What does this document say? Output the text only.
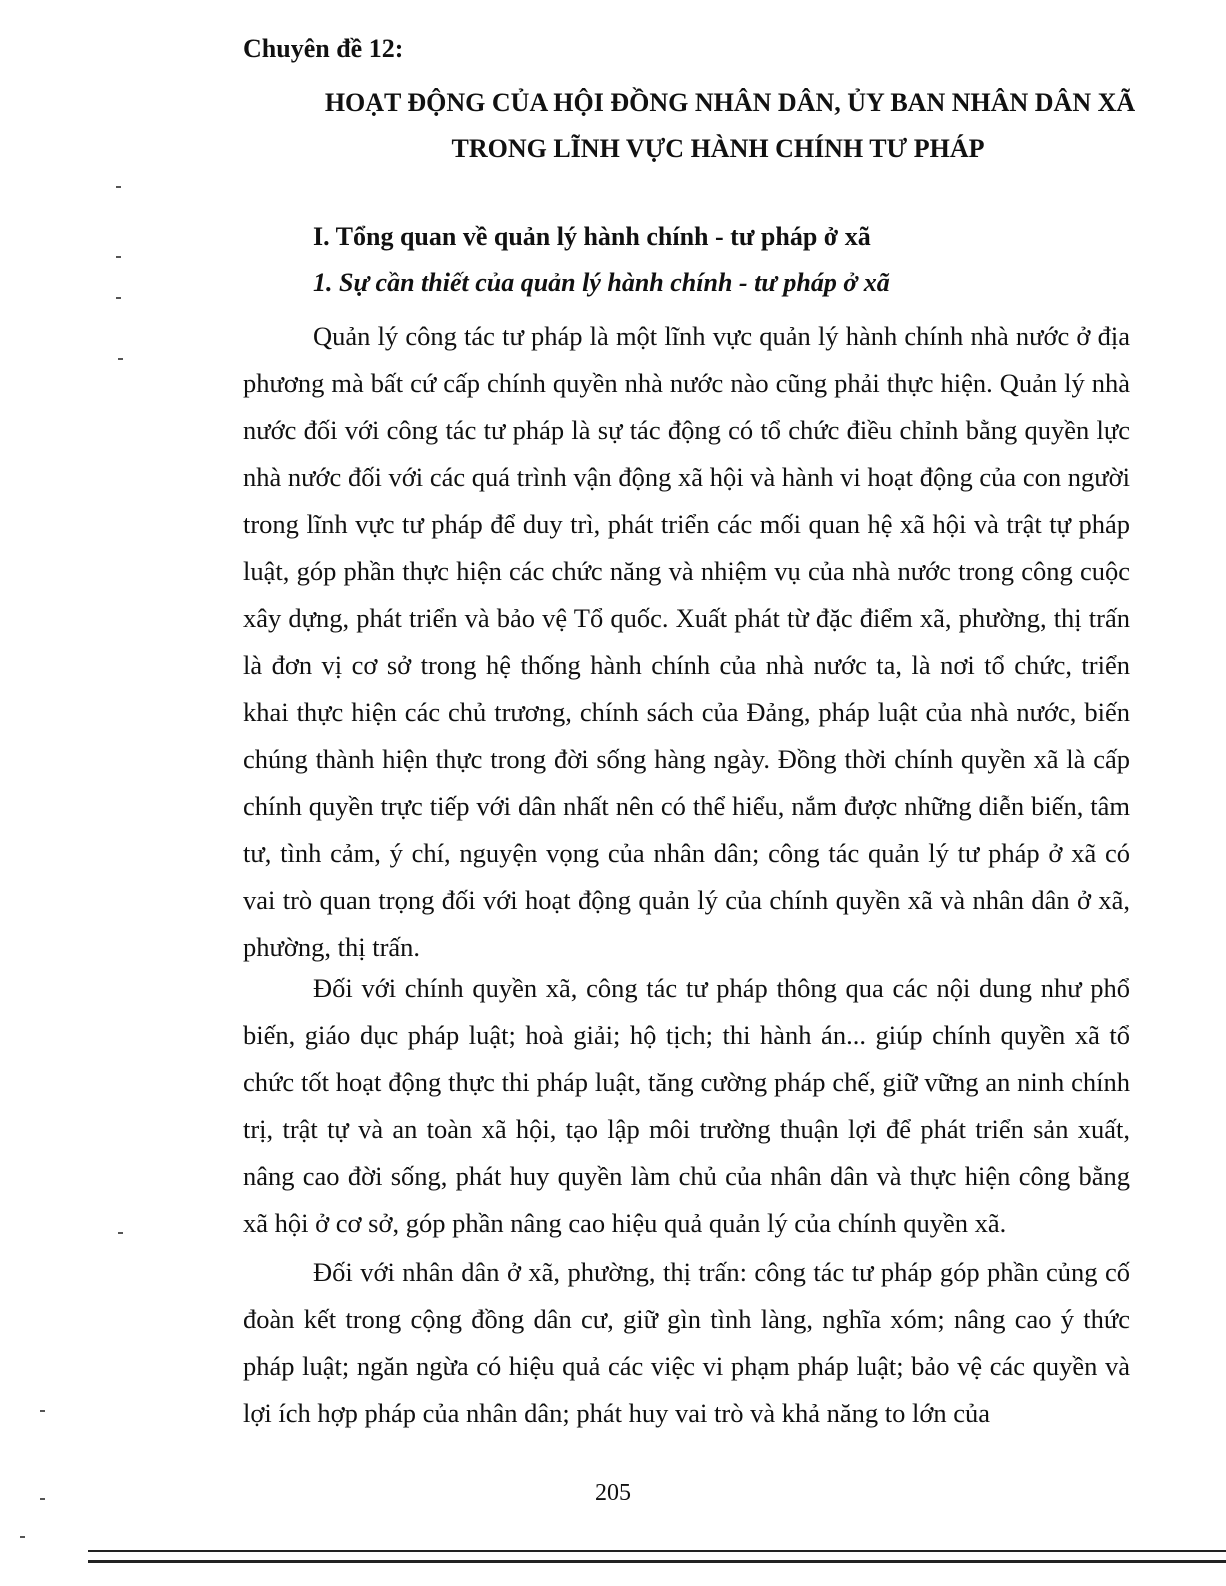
Chuyên đề 12:
HOẠT ĐỘNG CỦA HỘI ĐỒNG NHÂN DÂN, ỦY BAN NHÂN DÂN XÃ
TRONG LĨNH VỰC HÀNH CHÍNH TƯ PHÁP
I. Tổng quan về quản lý hành chính - tư pháp ở xã
1. Sự cần thiết của quản lý hành chính - tư pháp ở xã

Quản lý công tác tư pháp là một lĩnh vực quản lý hành chính nhà nước ở địa phương mà bất cứ cấp chính quyền nhà nước nào cũng phải thực hiện. Quản lý nhà nước đối với công tác tư pháp là sự tác động có tổ chức điều chỉnh bằng quyền lực nhà nước đối với các quá trình vận động xã hội và hành vi hoạt động của con người trong lĩnh vực tư pháp để duy trì, phát triển các mối quan hệ xã hội và trật tự pháp luật, góp phần thực hiện các chức năng và nhiệm vụ của nhà nước trong công cuộc xây dựng, phát triển và bảo vệ Tổ quốc. Xuất phát từ đặc điểm xã, phường, thị trấn là đơn vị cơ sở trong hệ thống hành chính của nhà nước ta, là nơi tổ chức, triển khai thực hiện các chủ trương, chính sách của Đảng, pháp luật của nhà nước, biến chúng thành hiện thực trong đời sống hàng ngày. Đồng thời chính quyền xã là cấp chính quyền trực tiếp với dân nhất nên có thể hiểu, nắm được những diễn biến, tâm tư, tình cảm, ý chí, nguyện vọng của nhân dân; công tác quản lý tư pháp ở xã có vai trò quan trọng đối với hoạt động quản lý của chính quyền xã và nhân dân ở xã, phường, thị trấn.

Đối với chính quyền xã, công tác tư pháp thông qua các nội dung như phổ biến, giáo dục pháp luật; hoà giải; hộ tịch; thi hành án... giúp chính quyền xã tổ chức tốt hoạt động thực thi pháp luật, tăng cường pháp chế, giữ vững an ninh chính trị, trật tự và an toàn xã hội, tạo lập môi trường thuận lợi để phát triển sản xuất, nâng cao đời sống, phát huy quyền làm chủ của nhân dân và thực hiện công bằng xã hội ở cơ sở, góp phần nâng cao hiệu quả quản lý của chính quyền xã.

Đối với nhân dân ở xã, phường, thị trấn: công tác tư pháp góp phần củng cố đoàn kết trong cộng đồng dân cư, giữ gìn tình làng, nghĩa xóm; nâng cao ý thức pháp luật; ngăn ngừa có hiệu quả các việc vi phạm pháp luật; bảo vệ các quyền và lợi ích hợp pháp của nhân dân; phát huy vai trò và khả năng to lớn của

205
